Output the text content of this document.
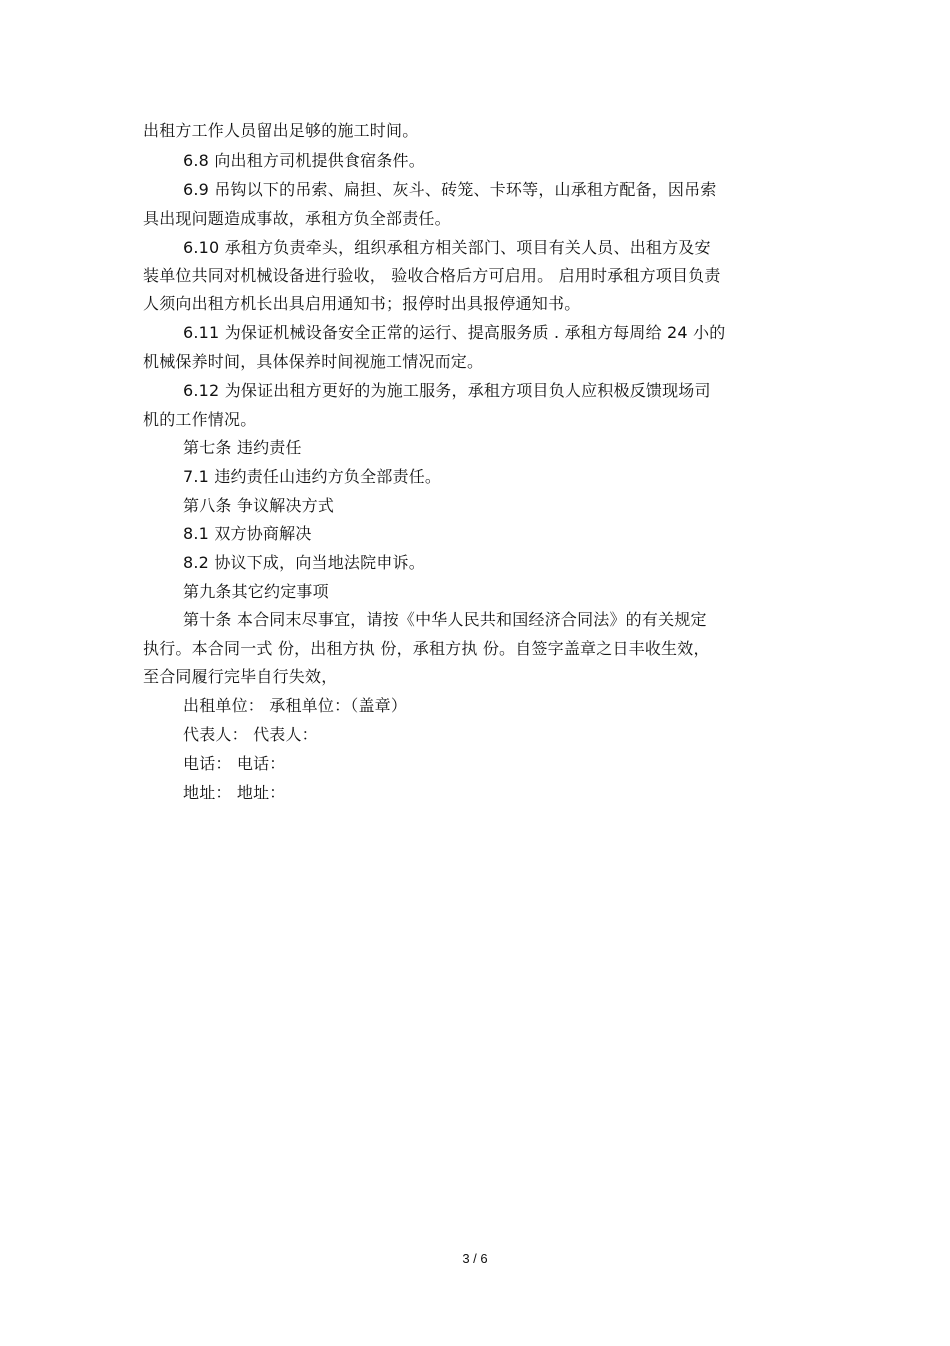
出租方工作人员留出足够的施工时间。
6.8 向出租方司机提供食宿条件。
6.9 吊钩以下的吊索、扁担、灰斗、砖笼、卡环等，山承租方配备，因吊索
具出现问题造成事故，承租方负全部责任。
6.10 承租方负责牵头，组织承租方相关部门、项目有关人员、出租方及安
装单位共同对机械设备进行验收， 验收合格后方可启用。 启用时承租方项目负责
人须向出租方机长出具启用通知书；报停时出具报停通知书。
6.11 为保证机械设备安全正常的运行、提高服务质 . 承租方每周给 24 小的
机械保养时间，具体保养时间视施工情况而定。
6.12 为保证出租方更好的为施工服务，承租方项目负人应积极反馈现场司
机的工作情况。
第七条 违约责任
7.1 违约责任山违约方负全部责任。
第八条 争议解决方式
8.1 双方协商解决
8.2 协议下成，向当地法院申诉。
第九条其它约定事项
第十条 本合同末尽事宜，请按《中华人民共和国经济合同法》的有关规定
执行。本合同一式 份，出租方执 份，承租方执 份。自签字盖章之日丰收生效，
至合同履行完毕自行失效，
出租单位： 承租单位：（盖章）
代表人： 代表人：
电话： 电话：
地址： 地址：
3 / 6
